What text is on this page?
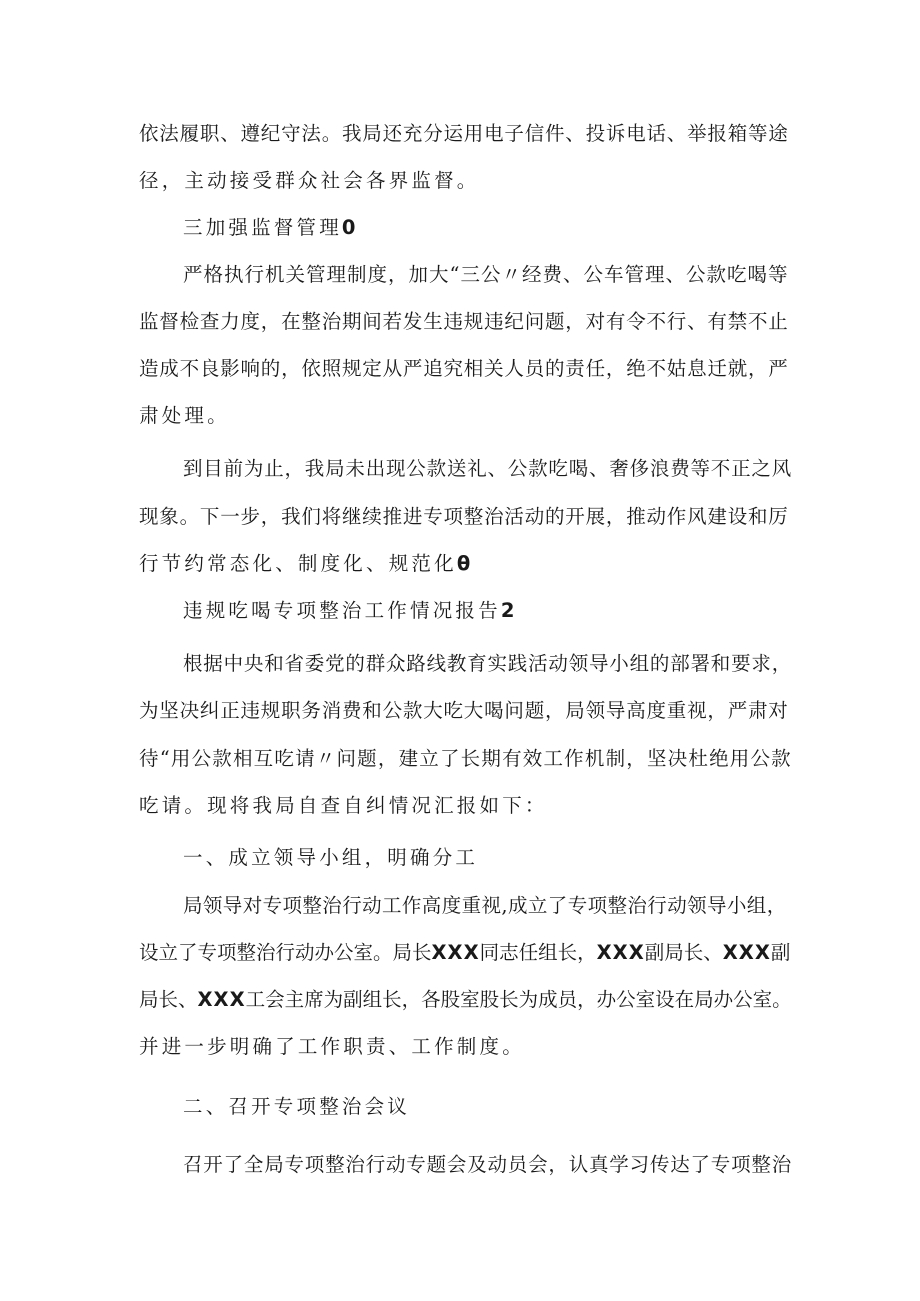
依法履职、遵纪守法。我局还充分运用电子信件、投诉电话、举报箱等途
径，主动接受群众社会各界监督。
三加强监督管理0
严格执行机关管理制度，加大“三公〃经费、公车管理、公款吃喝等
监督检查力度，在整治期间若发生违规违纪问题，对有令不行、有禁不止
造成不良影响的，依照规定从严追究相关人员的责任，绝不姑息迁就，严
肃处理。
到目前为止，我局未出现公款送礼、公款吃喝、奢侈浪费等不正之风
现象。下一步，我们将继续推进专项整治活动的开展，推动作风建设和厉
行节约常态化、制度化、规范化θ
违规吃喝专项整治工作情况报告2
根据中央和省委党的群众路线教育实践活动领导小组的部署和要求，
为坚决纠正违规职务消费和公款大吃大喝问题，局领导高度重视，严肃对
待“用公款相互吃请〃问题，建立了长期有效工作机制，坚决杜绝用公款
吃请。现将我局自查自纠情况汇报如下：
一、成立领导小组，明确分工
局领导对专项整治行动工作高度重视,成立了专项整治行动领导小组，
设立了专项整治行动办公室。局长XXX同志任组长，XXX副局长、XXX副
局长、XXX工会主席为副组长，各股室股长为成员，办公室设在局办公室。
并进一步明确了工作职责、工作制度。
二、召开专项整治会议
召开了全局专项整治行动专题会及动员会，认真学习传达了专项整治
